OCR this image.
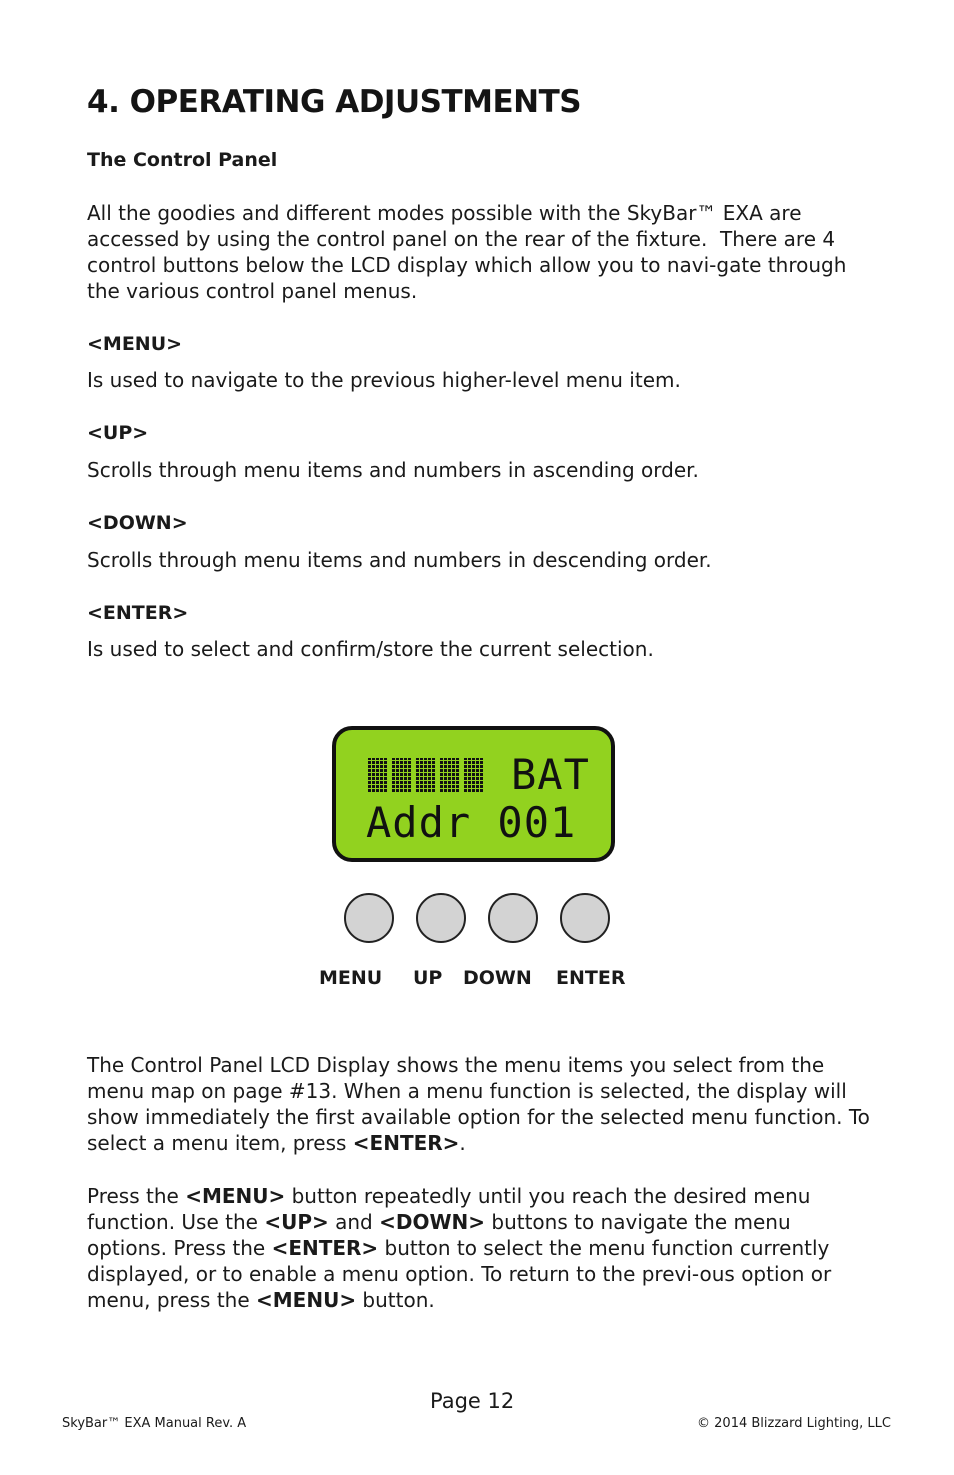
4. OPERATING ADJUSTMENTS
The Control Panel

All the goodies and different modes possible with the SkyBar™ EXA are accessed by using the control panel on the rear of the ﬁxture.  There are 4 control buttons below the LCD display which allow you to navi-gate through the various control panel menus.

<MENU>

Is used to navigate to the previous higher-level menu item.

<UP>

Scrolls through menu items and numbers in ascending order.

<DOWN>

Scrolls through menu items and numbers in descending order.

<ENTER>

Is used to select and conﬁrm/store the current selection.

BAT

Addr 001

MENU UP DOWN ENTER

The Control Panel LCD Display shows the menu items you select from the menu map on page #13. When a menu function is selected, the display will show immediately the ﬁrst available option for the selected menu function. To select a menu item, press <ENTER>.

Press the <MENU> button repeatedly until you reach the desired menu function. Use the <UP> and <DOWN> buttons to navigate the menu options. Press the <ENTER> button to select the menu function currently displayed, or to enable a menu option. To return to the previ-ous option or menu, press the <MENU> button.

Page 12

SkyBar™ EXA Manual Rev. A	© 2014 Blizzard Lighting, LLC
